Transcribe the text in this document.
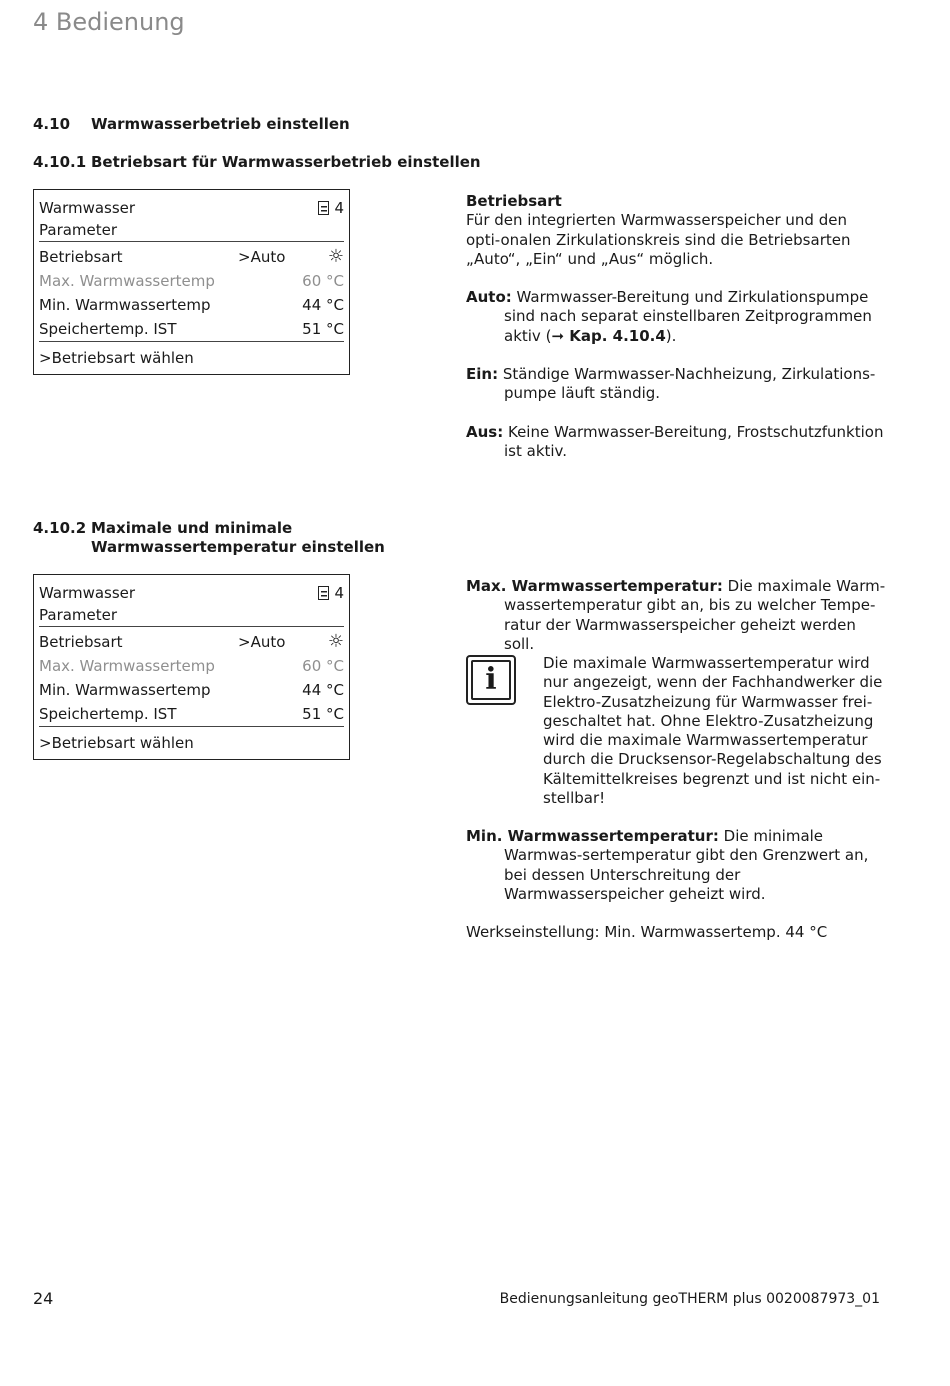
4 Bedienung
4.10 Warmwasserbetrieb einstellen
4.10.1 Betriebsart für Warmwasserbetrieb einstellen
Warmwasser	4
Parameter
Betriebsart	>Auto ☼
Max. Warmwassertemp	60 °C
Min. Warmwassertemp	44 °C
Speichertemp. IST	51 °C
>Betriebsart wählen
Betriebsart

Für den integrierten Warmwasserspeicher und den opti-onalen Zirkulationskreis sind die Betriebsarten „Auto“, „Ein“ und „Aus“ möglich.

Auto: Warmwasser-Bereitung und Zirkulationspumpe sind nach separat einstellbaren Zeitprogrammen aktiv (➞ Kap. 4.10.4).

Ein: Ständige Warmwasser-Nachheizung, Zirkulations-pumpe läuft ständig.

Aus: Keine Warmwasser-Bereitung, Frostschutzfunktion ist aktiv.

4.10.2 Maximale und minimale
Warmwassertemperatur einstellen
Warmwasser	4
Parameter
Betriebsart	>Auto ☼
Max. Warmwassertemp	60 °C
Min. Warmwassertemp	44 °C
Speichertemp. IST	51 °C
>Betriebsart wählen

Max. Warmwassertemperatur: Die maximale Warm-wassertemperatur gibt an, bis zu welcher Tempe-ratur der Warmwasserspeicher geheizt werden soll.

i	Die maximale Warmwassertemperatur wird nur angezeigt, wenn der Fachhandwerker die Elektro-Zusatzheizung für Warmwasser frei-geschaltet hat. Ohne Elektro-Zusatzheizung wird die maximale Warmwassertemperatur durch die Drucksensor-Regelabschaltung des Kältemittelkreises begrenzt und ist nicht ein-stellbar!

Min. Warmwassertemperatur: Die minimale Warmwas-sertemperatur gibt den Grenzwert an, bei dessen Unterschreitung der Warmwasserspeicher geheizt wird.

Werkseinstellung: Min. Warmwassertemp. 44 °C

24	Bedienungsanleitung geoTHERM plus 0020087973_01
